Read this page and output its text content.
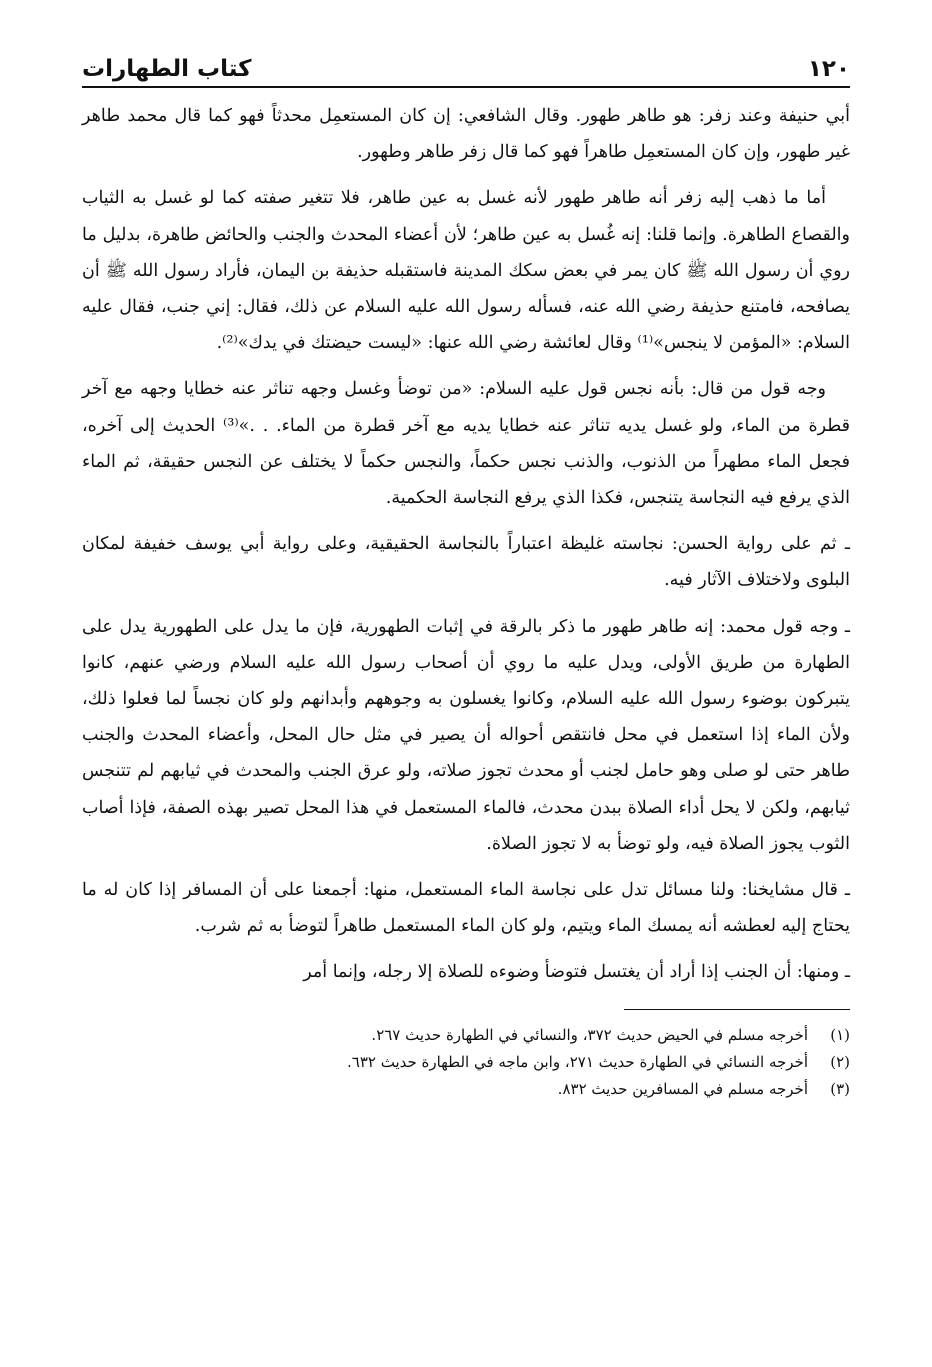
١٢٠
كتاب الطهارات

أبي حنيفة وعند زفر: هو طاهر طهور. وقال الشافعي: إن كان المستعمِل محدثاً فهو كما قال محمد طاهر غير طهور، وإن كان المستعمِل طاهراً فهو كما قال زفر طاهر وطهور.

أما ما ذهب إليه زفر أنه طاهر طهور لأنه غسل به عين طاهر، فلا تتغير صفته كما لو غسل به الثياب والقصاع الطاهرة. وإنما قلنا: إنه غُسل به عين طاهر؛ لأن أعضاء المحدث والجنب والحائض طاهرة، بدليل ما روي أن رسول الله ﷺ كان يمر في بعض سكك المدينة فاستقبله حذيفة بن اليمان، فأراد رسول الله ﷺ أن يصافحه، فامتنع حذيفة رضي الله عنه، فسأله رسول الله عليه السلام عن ذلك، فقال: إني جنب، فقال عليه السلام: «المؤمن لا ينجس»⁽¹⁾ وقال لعائشة رضي الله عنها: «ليست حيضتك في يدك»⁽²⁾.

وجه قول من قال: بأنه نجس قول عليه السلام: «من توضأ وغسل وجهه تناثر عنه خطايا وجهه مع آخر قطرة من الماء، ولو غسل يديه تناثر عنه خطايا يديه مع آخر قطرة من الماء. . .»⁽³⁾ الحديث إلى آخره، فجعل الماء مطهراً من الذنوب، والذنب نجس حكماً، والنجس حكماً لا يختلف عن النجس حقيقة، ثم الماء الذي يرفع فيه النجاسة يتنجس، فكذا الذي يرفع النجاسة الحكمية.

ـ ثم على رواية الحسن: نجاسته غليظة اعتباراً بالنجاسة الحقيقية، وعلى رواية أبي يوسف خفيفة لمكان البلوى ولاختلاف الآثار فيه.

ـ وجه قول محمد: إنه طاهر طهور ما ذكر بالرقة في إثبات الطهورية، فإن ما يدل على الطهورية يدل على الطهارة من طريق الأولى، ويدل عليه ما روي أن أصحاب رسول الله عليه السلام ورضي عنهم، كانوا يتبركون بوضوء رسول الله عليه السلام، وكانوا يغسلون به وجوههم وأبدانهم ولو كان نجساً لما فعلوا ذلك، ولأن الماء إذا استعمل في محل فانتقص أحواله أن يصير في مثل حال المحل، وأعضاء المحدث والجنب طاهر حتى لو صلى وهو حامل لجنب أو محدث تجوز صلاته، ولو عرق الجنب والمحدث في ثيابهم لم تتنجس ثيابهم، ولكن لا يحل أداء الصلاة ببدن محدث، فالماء المستعمل في هذا المحل تصير بهذه الصفة، فإذا أصاب الثوب يجوز الصلاة فيه، ولو توضأ به لا تجوز الصلاة.

ـ قال مشايخنا: ولنا مسائل تدل على نجاسة الماء المستعمل، منها: أجمعنا على أن المسافر إذا كان له ما يحتاج إليه لعطشه أنه يمسك الماء ويتيم، ولو كان الماء المستعمل طاهراً لتوضأ به ثم شرب.

ـ ومنها: أن الجنب إذا أراد أن يغتسل فتوضأ وضوءه للصلاة إلا رجله، وإنما أمر

(١)
أخرجه مسلم في الحيض حديث ٣٧٢، والنسائي في الطهارة حديث ٢٦٧.
(٢)
أخرجه النسائي في الطهارة حديث ٢٧١، وابن ماجه في الطهارة حديث ٦٣٢.
(٣)
أخرجه مسلم في المسافرين حديث ٨٣٢.
